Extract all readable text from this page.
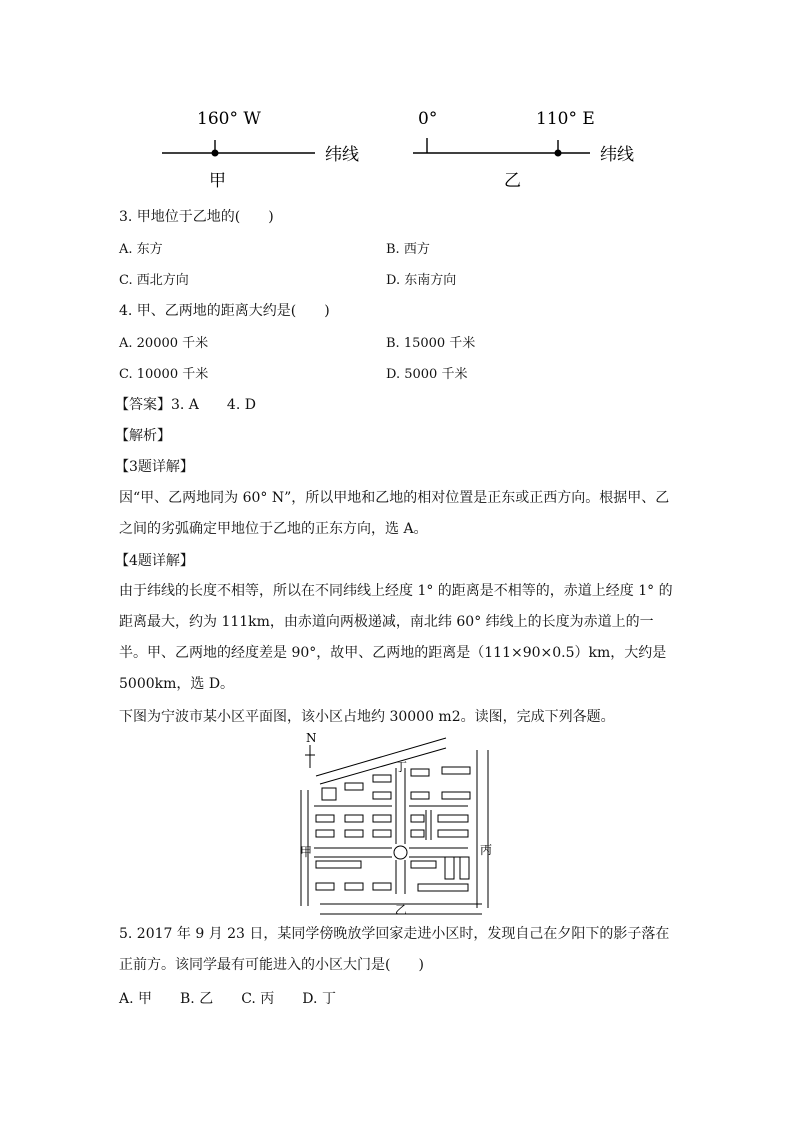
160° W
甲
纬线
0°	110° E
乙
纬线
3. 甲地位于乙地的(　　)
A. 东方	B. 西方
C. 西北方向	D. 东南方向
4. 甲、乙两地的距离大约是(　　)
A. 20000 千米	B. 15000 千米
C. 10000 千米	D. 5000 千米
【答案】3. A　　4. D
【解析】
【3题详解】
因“甲、乙两地同为 60° N”，所以甲地和乙地的相对位置是正东或正西方向。根据甲、乙之间的劣弧确定甲地位于乙地的正东方向，选 A。
【4题详解】
由于纬线的长度不相等，所以在不同纬线上经度 1° 的距离是不相等的，赤道上经度 1° 的距离最大，约为 111km，由赤道向两极递减，南北纬 60° 纬线上的长度为赤道上的一半。甲、乙两地的经度差是 90°，故甲、乙两地的距离是（111×90×0.5）km，大约是 5000km，选 D。
下图为宁波市某小区平面图，该小区占地约 30000 m2。读图，完成下列各题。
N
丁
甲	丙
乙
5. 2017 年 9 月 23 日，某同学傍晚放学回家走进小区时，发现自己在夕阳下的影子落在正前方。该同学最有可能进入的小区大门是(　　)
A. 甲　　B. 乙　　C. 丙　　D. 丁
